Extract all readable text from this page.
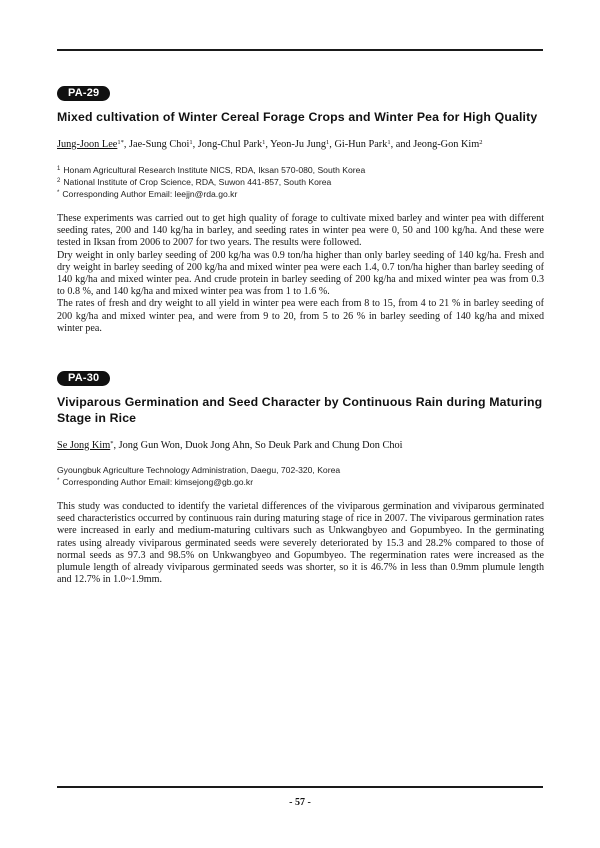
PA-29
Mixed cultivation of Winter Cereal Forage Crops and Winter Pea for High Quality
Jung-Joon Lee$^{1*}$, Jae-Sung Choi$^1$, Jong-Chul Park$^1$, Yeon-Ju Jung$^1$, Gi-Hun Park$^1$, and Jeong-Gon Kim$^2$
$^1$ Honam Agricultural Research Institute NICS, RDA, Iksan 570-080, South Korea
$^2$ National Institute of Crop Science, RDA, Suwon 441-857, South Korea
* Corresponding Author Email: leejjn@rda.go.kr

These experiments was carried out to get high quality of forage to cultivate mixed barley and winter pea with different seeding rates, 200 and 140 kg/ha in barley, and seeding rates in winter pea were 0, 50 and 100 kg/ha. And these were tested in Iksan from 2006 to 2007 for two years. The results were followed.

Dry weight in only barley seeding of 200 kg/ha was 0.9 ton/ha higher than only barley seeding of 140 kg/ha. Fresh and dry weight in barley seeding of 200 kg/ha and mixed winter pea were each 1.4, 0.7 ton/ha higher than barley seeding of 140 kg/ha and mixed winter pea. And crude protein in barley seeding of 200 kg/ha and mixed winter pea was from 0.3 to 0.8 %, and 140 kg/ha and mixed winter pea was from 1 to 1.6 %.

The rates of fresh and dry weight to all yield in winter pea were each from 8 to 15, from 4 to 21 % in barley seeding of 200 kg/ha and mixed winter pea, and were from 9 to 20, from 5 to 26 % in barley seeding of 140 kg/ha and mixed winter pea.

PA-30
Viviparous Germination and Seed Character by Continuous Rain during Maturing Stage in Rice
Se Jong Kim*, Jong Gun Won, Duok Jong Ahn, So Deuk Park and Chung Don Choi
Gyoungbuk Agriculture Technology Administration, Daegu, 702-320, Korea
* Corresponding Author Email: kimsejong@gb.go.kr

This study was conducted to identify the varietal differences of the viviparous germination and viviparous germinated seed characteristics occurred by continuous rain during maturing stage of rice in 2007. The viviparous germination rates were increased in early and medium-maturing cultivars such as Unkwangbyeo and Gopumbyeo. In the germinating rates using already viviparous germinated seeds were severely deteriorated by 15.3 and 28.2% compared to those of normal seeds as 97.3 and 98.5% on Unkwangbyeo and Gopumbyeo. The regermination rates were increased as the plumule length of already viviparous germinated seeds was shorter, so it is 46.7% in less than 0.9mm plumule length and 12.7% in 1.0~1.9mm.

- 57 -
